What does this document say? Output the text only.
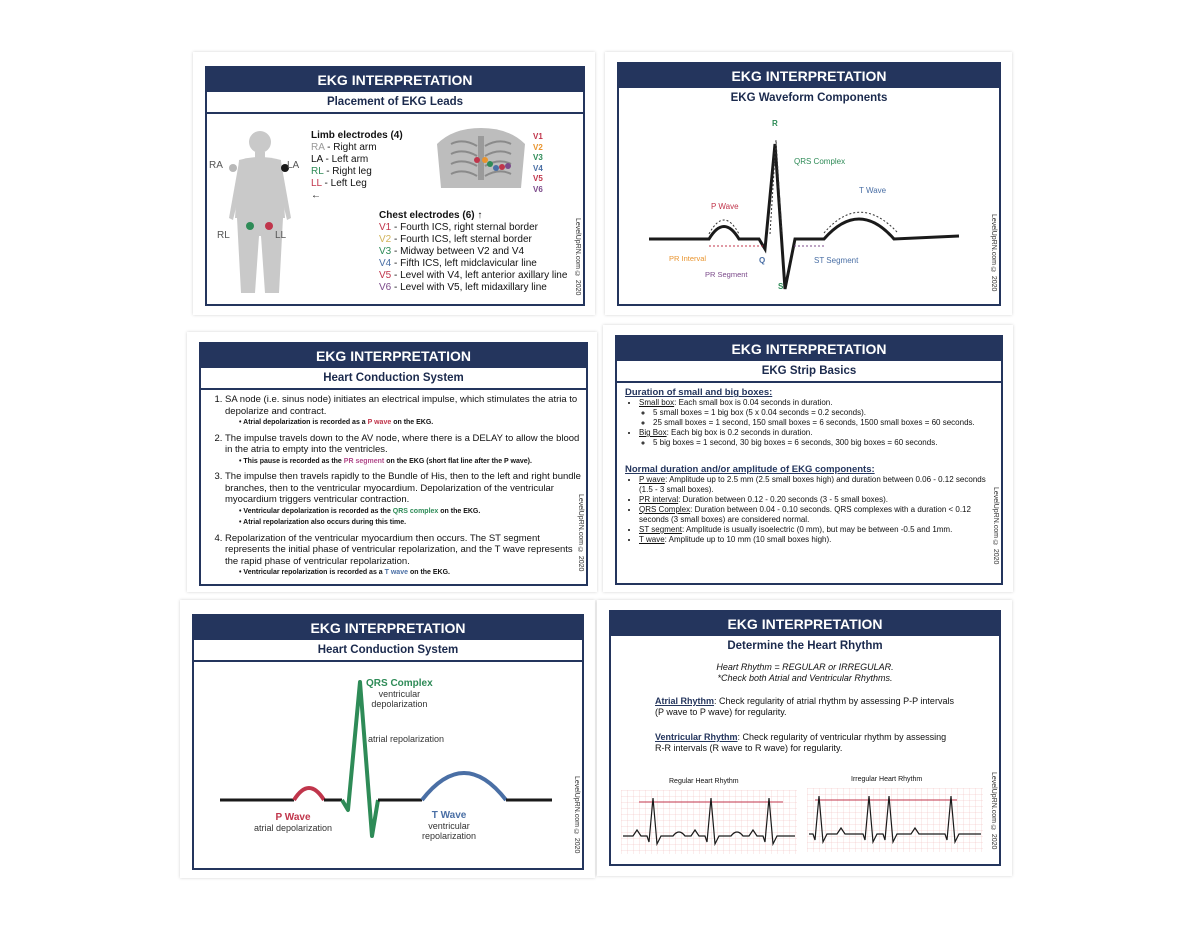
EKG INTERPRETATION
Placement of EKG Leads
RA	LA
RL	LL
Limb electrodes (4)
RA - Right arm
LA - Left arm
RL - Right leg
LL - Left Leg
←
V1
V2
V3
V4
V5
V6
Chest electrodes (6) ↑
V1 - Fourth ICS, right sternal border
V2 - Fourth ICS, left sternal border
V3 - Midway between V2 and V4
V4 - Fifth ICS, left midclavicular line
V5 - Level with V4, left anterior axillary line
V6 - Level with V5, left midaxillary line	LevelUpRN.com © 2020
EKG INTERPRETATION
EKG Waveform Components
R
QRS Complex
T Wave
P Wave
PR Interval	Q	ST Segment
PR Segment
S	LevelUpRN.com © 2020
EKG INTERPRETATION
Heart Conduction System
1. SA node (i.e. sinus node) initiates an electrical impulse, which stimulates the atria to depolarize and contract.
• Atrial depolarization is recorded as a P wave on the EKG.
2. The impulse travels down to the AV node, where there is a DELAY to allow the blood in the atria to empty into the ventricles.
• This pause is recorded as the PR segment on the EKG (short flat line after the P wave).
3. The impulse then travels rapidly to the Bundle of His, then to the left and right bundle branches, then to the ventricular myocardium. Depolarization of the ventricular myocardium triggers ventricular contraction.
• Ventricular depolarization is recorded as the QRS complex on the EKG.
• Atrial repolarization also occurs during this time.
4. Repolarization of the ventricular myocardium then occurs. The ST segment represents the initial phase of ventricular repolarization, and the T wave represents the rapid phase of ventricular repolarization.
• Ventricular repolarization is recorded as a T wave on the EKG.
LevelUpRN.com © 2020
EKG INTERPRETATION
EKG Strip Basics
Duration of small and big boxes:
• Small box: Each small box is 0.04 seconds in duration.
◦ 5 small boxes = 1 big box (5 x 0.04 seconds = 0.2 seconds).
◦ 25 small boxes = 1 second, 150 small boxes = 6 seconds, 1500 small boxes = 60 seconds.
• Big Box: Each big box is 0.2 seconds in duration.
◦ 5 big boxes = 1 second, 30 big boxes = 6 seconds, 300 big boxes = 60 seconds.
Normal duration and/or amplitude of EKG components:
• P wave: Amplitude up to 2.5 mm (2.5 small boxes high) and duration between 0.06 - 0.12 seconds (1.5 - 3 small boxes).
• PR interval: Duration between 0.12 - 0.20 seconds (3 - 5 small boxes).
• QRS Complex: Duration between 0.04 - 0.10 seconds. QRS complexes with a duration < 0.12 seconds (3 small boxes) are considered normal.
• ST segment: Amplitude is usually isoelectric (0 mm), but may be between -0.5 and 1mm.
• T wave: Amplitude up to 10 mm (10 small boxes high).	LevelUpRN.com © 2020
EKG INTERPRETATION
Heart Conduction System
QRS Complex
ventricular
depolarization
atrial repolarization
P Wave
atrial depolarization
T Wave
ventricular
repolarization	LevelUpRN.com © 2020
EKG INTERPRETATION
Determine the Heart Rhythm
Heart Rhythm = REGULAR or IRREGULAR.
*Check both Atrial and Ventricular Rhythms.
Atrial Rhythm: Check regularity of atrial rhythm by assessing P-P intervals (P wave to P wave) for regularity.
Ventricular Rhythm: Check regularity of ventricular rhythm by assessing R-R intervals (R wave to R wave) for regularity.
Regular Heart Rhythm	Irregular Heart Rhythm	LevelUpRN.com © 2020
